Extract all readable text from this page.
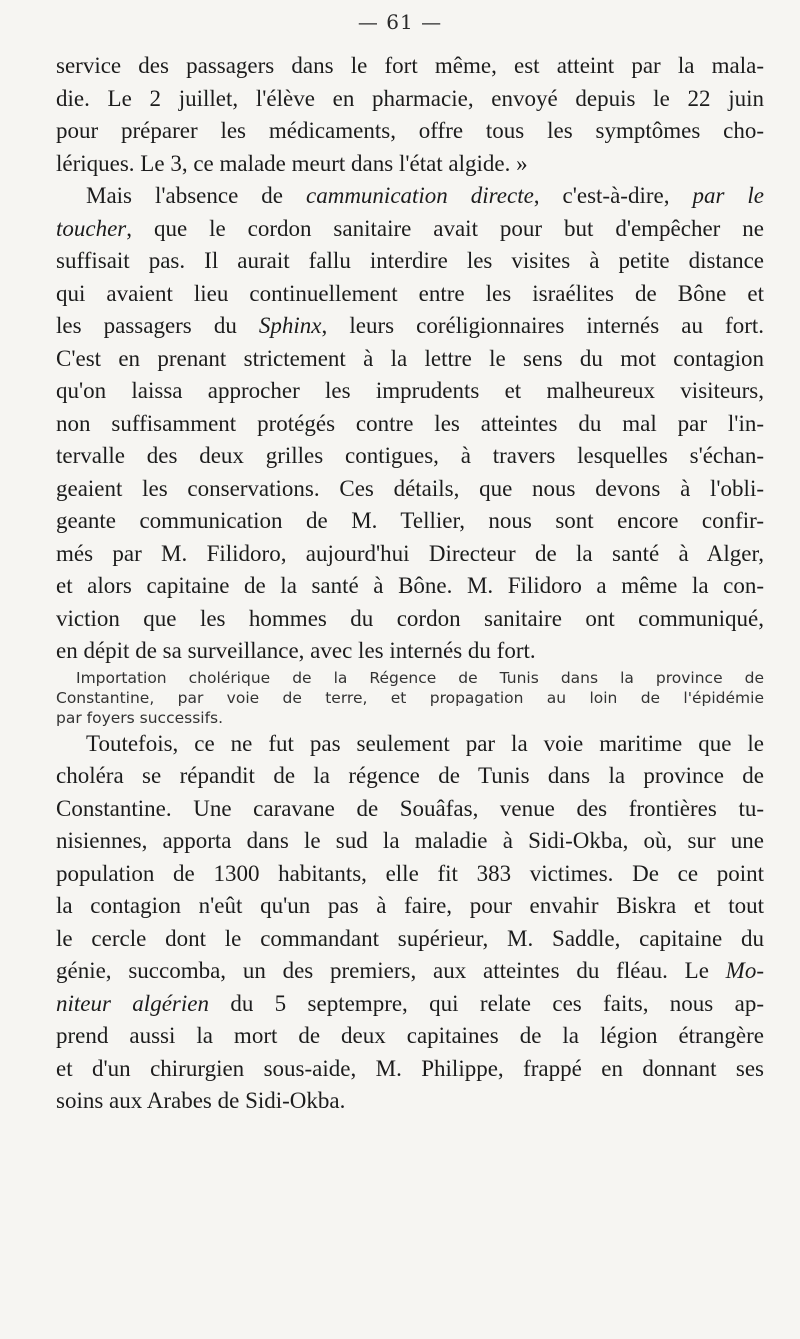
— 61 —

service des passagers dans le fort même, est atteint par la mala-
die. Le 2 juillet, l'élève en pharmacie, envoyé depuis le 22 juin
pour préparer les médicaments, offre tous les symptômes cho-
lériques. Le 3, ce malade meurt dans l'état algide. »

Mais l'absence de cammunication directe, c'est-à-dire, par le
toucher, que le cordon sanitaire avait pour but d'empêcher ne
suffisait pas. Il aurait fallu interdire les visites à petite distance
qui avaient lieu continuellement entre les israélites de Bône et
les passagers du Sphinx, leurs coréligionnaires internés au fort.
C'est en prenant strictement à la lettre le sens du mot contagion
qu'on laissa approcher les imprudents et malheureux visiteurs,
non suffisamment protégés contre les atteintes du mal par l'in-
tervalle des deux grilles contigues, à travers lesquelles s'échan-
geaient les conservations. Ces détails, que nous devons à l'obli-
geante communication de M. Tellier, nous sont encore confir-
més par M. Filidoro, aujourd'hui Directeur de la santé à Alger,
et alors capitaine de la santé à Bône. M. Filidoro a même la con-
viction que les hommes du cordon sanitaire ont communiqué,
en dépit de sa surveillance, avec les internés du fort.

Importation cholérique de la Régence de Tunis dans la province de
Constantine, par voie de terre, et propagation au loin de l'épidémie
par foyers successifs.

Toutefois, ce ne fut pas seulement par la voie maritime que le
choléra se répandit de la régence de Tunis dans la province de
Constantine. Une caravane de Souâfas, venue des frontières tu-
nisiennes, apporta dans le sud la maladie à Sidi-Okba, où, sur une
population de 1300 habitants, elle fit 383 victimes. De ce point
la contagion n'eût qu'un pas à faire, pour envahir Biskra et tout
le cercle dont le commandant supérieur, M. Saddle, capitaine du
génie, succomba, un des premiers, aux atteintes du fléau. Le Mo-
niteur algérien du 5 septempre, qui relate ces faits, nous ap-
prend aussi la mort de deux capitaines de la légion étrangère
et d'un chirurgien sous-aide, M. Philippe, frappé en donnant ses
soins aux Arabes de Sidi-Okba.
